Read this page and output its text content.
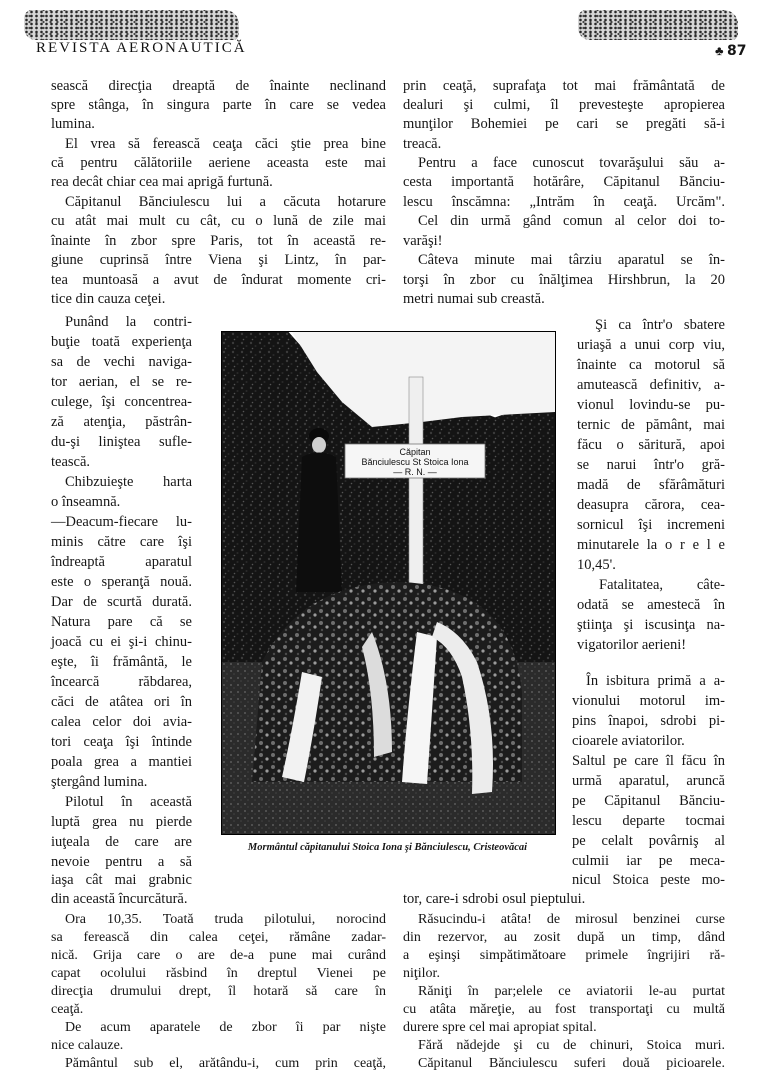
REVISTA AERONAUTICĂ	♣ 87
sească direcţia dreaptă de înainte neclinand
spre stânga, în singura parte în care se vedea
lumina.
El vrea să ferească ceaţa căci ştie prea bine
că pentru călătoriile aeriene aceasta este mai
rea decât chiar cea mai aprigă furtună.
Căpitanul Bănciulescu lui a căcuta hotarure
cu atât mai mult cu cât, cu o lună de zile mai
înainte în zbor spre Paris, tot în această re-
giune cuprinsă între Viena şi Lintz, în par-
tea muntoasă a avut de îndurat momente cri-
tice din cauza ceţei.
Punând la contri-
buţie toată experienţa
sa de vechi naviga-
tor aerian, el se re-
culege, îşi concentrea-
ză atenţia, păstrân-
du-şi liniştea sufle-
tească.
Chibzuieşte harta
o înseamnă.
—Deacum-fiecare lu-
minis către care îşi
îndreaptă aparatul
este o speranţă nouă.
Dar de scurtă durată.
Natura pare că se
joacă cu ei şi-i chinu-
eşte, îi frământă, le
încearcă răbdarea,
căci de atâtea ori în
calea celor doi avia-
tori ceaţa îşi întinde
poala grea a mantiei
ştergând lumina.
Pilotul în această
luptă grea nu pierde
iuţeala de care are
nevoie pentru a să
iaşa cât mai grabnic
din această încurcătură.
Ora 10,35. Toată truda pilotului, norocind
sa ferească din calea ceţei, rămâne zadar-
nică. Grija care o are de-a pune mai curând
capat ocolului răsbind în dreptul Vienei pe
direcţia drumului drept, îl hotară să care în
ceaţă.
De acum aparatele de zbor îi par nişte
nice calauze.
Pământul sub el, arătându-i, cum prin ceaţă,
prin ceaţă, suprafaţa tot mai frământată de
dealuri şi culmi, îl prevesteşte apropierea
munţilor Bohemiei pe cari se pregăti să-i
treacă.
Pentru a face cunoscut tovarăşului său a-
cesta importantă hotărâre, Căpitanul Bănciu-
lescu înscămna: „Intrăm în ceaţă. Urcăm".
Cel din urmă gând comun al celor doi to-
varăşi!
Câteva minute mai târziu aparatul se în-
torşi în zbor cu înălţimea Hirshbrun, la 20
metri numai sub creastă.
Şi ca într'o sbatere
uriaşă a unui corp viu,
înainte ca motorul să
amutească definitiv, a-
vionul lovindu-se pu-
ternic de pământ, mai
făcu o săritură, apoi
se narui într'o gră-
madă de sfărâmături
deasupra cărora, cea-
sornicul îşi incremeni
minutarele la o r e l e
10,45'.
Fatalitatea, câte-
odată se amestecă în
ştiinţa şi iscusinţa na-
vigatorilor aerieni!
În isbitura primă a a-
vionului motorul im-
pins înapoi, sdrobi pi-
cioarele aviatorilor.
Saltul pe care îl făcu în
urmă aparatul, aruncă
pe Căpitanul Bănciu-
lescu departe tocmai
pe celalt povârniş al
culmii iar pe meca-
nicul Stoica peste mo-
tor, care-i sdrobi osul pieptului.
Răsucindu-i atâta! de mirosul benzinei curse
din rezervor, au zosit după un timp, dând
a eşinşi simpătimătoare primele îngrijiri ră-
niţilor.
Răniţi în par;elele ce aviatorii le-au purtat
cu atâta măreţie, au fost transportaţi cu multă
durere spre cel mai apropiat spital.
Fără nădejde şi cu de chinuri, Stoica muri.
Căpitanul Bănciulescu suferi două picioarele.
Căpitan
Bănciulescu St Stoica Iona
— R. N. —
Mormântul căpitanului Stoica Iona şi Bănciulescu, Cristeovăcai
